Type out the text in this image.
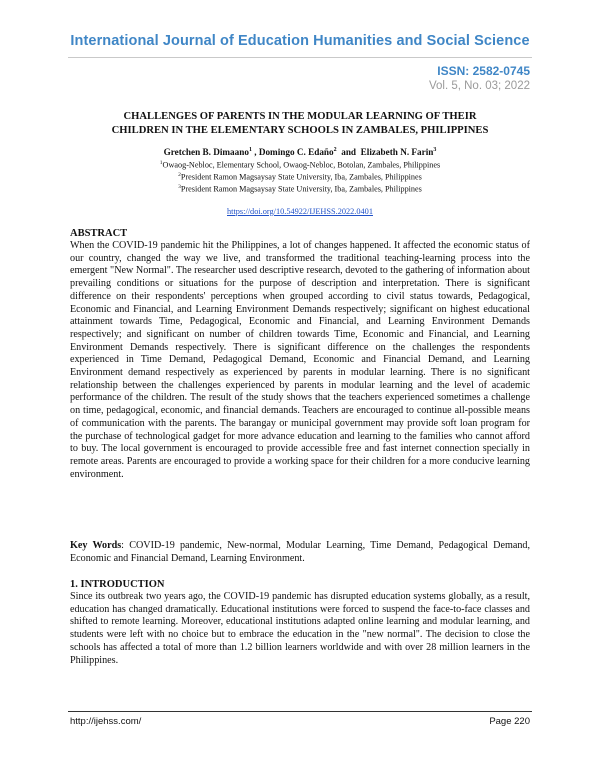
International Journal of Education Humanities and Social Science
ISSN: 2582-0745
Vol. 5, No. 03; 2022
CHALLENGES OF PARENTS IN THE MODULAR LEARNING OF THEIR
CHILDREN IN THE ELEMENTARY SCHOOLS IN ZAMBALES, PHILIPPINES
Gretchen B. Dimaano$^1$ , Domingo C. Edaño$^2$  and  Elizabeth N. Farin$^3$
$^1$Owaog-Nebloc, Elementary School, Owaog-Nebloc, Botolan, Zambales, Philippines
$^2$President Ramon Magsaysay State University, Iba, Zambales, Philippines
$^3$President Ramon Magsaysay State University, Iba, Zambales, Philippines
https://doi.org/10.54922/IJEHSS.2022.0401
ABSTRACT

When the COVID-19 pandemic hit the Philippines, a lot of changes happened. It affected the economic status of our country, changed the way we live, and transformed the traditional teaching-learning process into the emergent "New Normal". The researcher used descriptive research, devoted to the gathering of information about prevailing conditions or situations for the purpose of description and interpretation. There is significant difference on their respondents' perceptions when grouped according to civil status towards, Pedagogical, Economic and Financial, and Learning Environment Demands respectively; significant on highest educational attainment towards Time, Pedagogical, Economic and Financial, and Learning Environment Demands respectively; and significant on number of children towards Time, Economic and Financial, and Learning Environment Demands respectively. There is significant difference on the challenges the respondents experienced in Time Demand, Pedagogical Demand, Economic and Financial Demand, and Learning Environment demand respectively as experienced by parents in modular learning. There is no significant relationship between the challenges experienced by parents in modular learning and the level of academic performance of the children. The result of the study shows that the teachers experienced sometimes a challenge on time, pedagogical, economic, and financial demands. Teachers are encouraged to continue all-possible means of communication with the parents. The barangay or municipal government may provide soft loan program for the purchase of technological gadget for more advance education and learning to the families who cannot afford to buy. The local government is encouraged to provide accessible free and fast internet connection specially in remote areas. Parents are encouraged to provide a working space for their children for a more conducive learning environment.

Key Words: COVID-19 pandemic, New-normal, Modular Learning, Time Demand, Pedagogical Demand, Economic and Financial Demand, Learning Environment.

1. INTRODUCTION

Since its outbreak two years ago, the COVID-19 pandemic has disrupted education systems globally, as a result, education has changed dramatically. Educational institutions were forced to suspend the face-to-face classes and shifted to remote learning. Moreover, educational institutions adapted online learning and modular learning, and students were left with no choice but to embrace the education in the "new normal". The decision to close the schools has affected a total of more than 1.2 billion learners worldwide and with over 28 million learners in the Philippines.

http://ijehss.com/	Page 220
